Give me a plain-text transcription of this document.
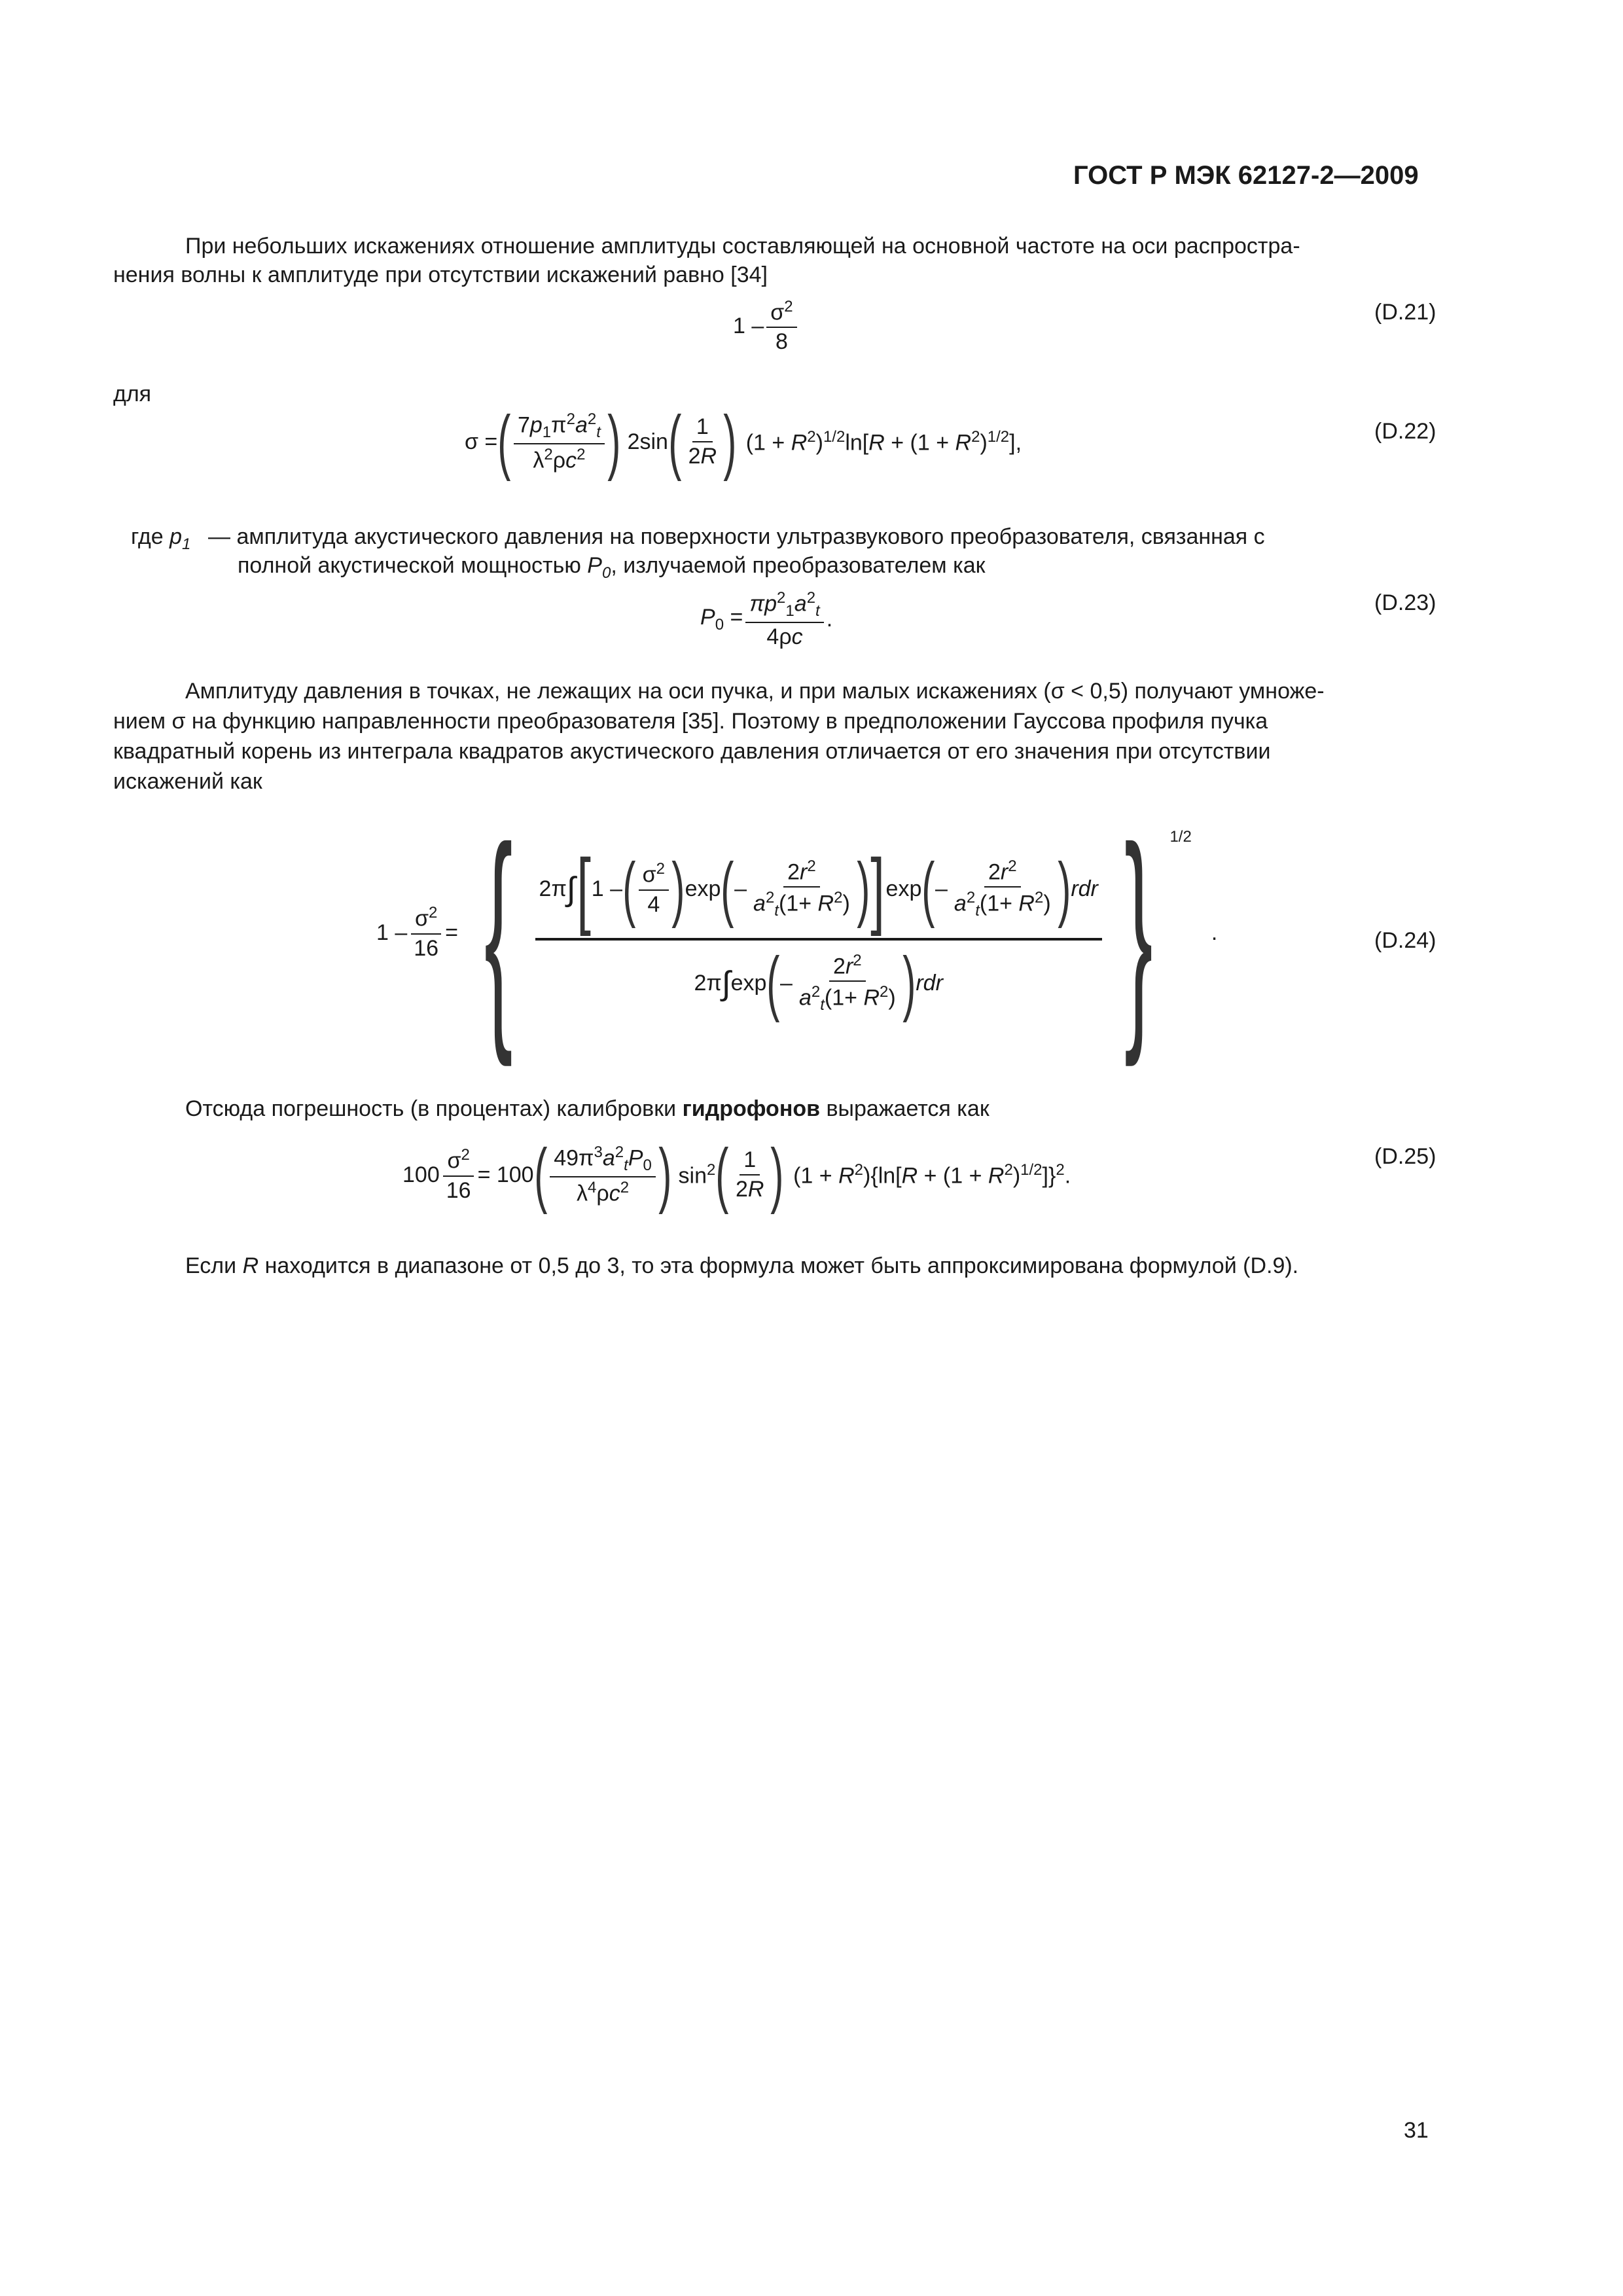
ГОСТ Р МЭК 62127-2—2009
При небольших искажениях отношение амплитуды составляющей на основной частоте на оси распростра-
нения волны к амплитуде при отсутствии искажений равно [34]
$1 - \frac{\sigma^2}{8}$	(D.21)
для
σ = ( $\frac{7p_1\pi^2a^2_t}{\lambda^2\rho c^2}$ ) 2sin ( $\frac{1}{2R}$ ) $(1 + R^2)^{1/2}\ln[R + (1 + R^2)^{1/2}]$,	(D.22)
где $p_1$ — амплитуда акустического давления на поверхности ультразвукового преобразователя, связанная с
полной акустической мощностью $P_0$, излучаемой преобразователем как
$P_0 = \frac{\pi p^2_1a^2_t}{4\rho c}$ .
(D.23)
Амплитуду давления в точках, не лежащих на оси пучка, и при малых искажениях (σ < 0,5) получают умноже-
нием σ на функцию направленности преобразователя [35]. Поэтому в предположении Гауссова профиля пучка
квадратный корень из интеграла квадратов акустического давления отличается от его значения при отсутствии
искажений как
$1 - \frac{\sigma^2}{16}$ = { 2π ∫ [ 1 – ( $\frac{\sigma^2}{4}$ ) exp ( – $\frac{2r^2}{a^2_t(1+ R^2)}$ ) ] exp ( – $\frac{2r^2}{a^2_t(1+ R^2)}$ ) rdr
2π ∫ exp ( – $\frac{2r^2}{a^2_t(1+ R^2)}$ ) rdr } 1/2
.	(D.24)
Отсюда погрешность (в процентах) калибровки гидрофонов выражается как
$100 \frac{\sigma^2}{16} = 100$ ( $\frac{49\pi^3a^2_tP_0}{\lambda^4\rho c^2}$ ) $\sin^2$ ( $\frac{1}{2R}$ ) $(1 + R^2)\{\ln[R + (1 + R^2)^{1/2}]\}^2$.
(D.25)
Если R находится в диапазоне от 0,5 до 3, то эта формула может быть аппроксимирована формулой (D.9).
31
